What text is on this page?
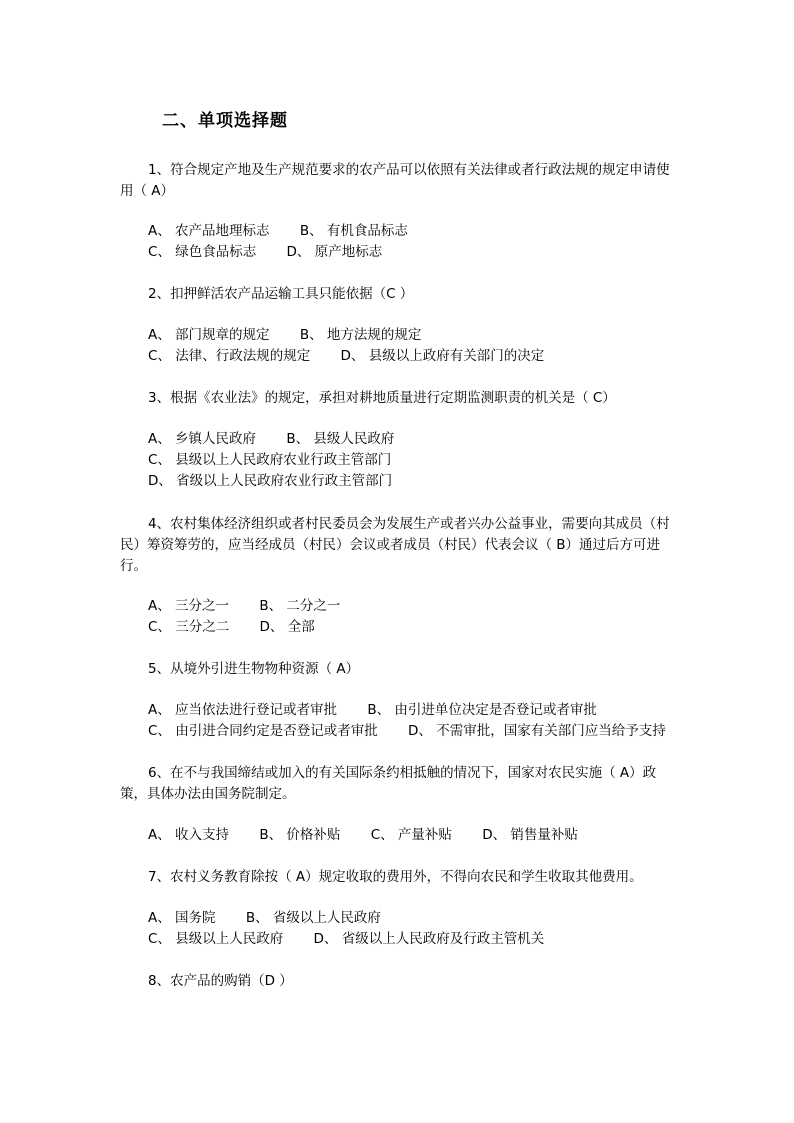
二、单项选择题
1、符合规定产地及生产规范要求的农产品可以依照有关法律或者行政法规的规定申请使用（ A）
A、 农产品地理标志 B、 有机食品标志
C、 绿色食品标志 D、 原产地标志
2、扣押鲜活农产品运输工具只能依据（C ）
A、 部门规章的规定 B、 地方法规的规定
C、 法律、行政法规的规定 D、 县级以上政府有关部门的决定
3、根据《农业法》的规定，承担对耕地质量进行定期监测职责的机关是（ C）
A、 乡镇人民政府 B、 县级人民政府
C、 县级以上人民政府农业行政主管部门
D、 省级以上人民政府农业行政主管部门
4、农村集体经济组织或者村民委员会为发展生产或者兴办公益事业，需要向其成员（村民）筹资筹劳的，应当经成员（村民）会议或者成员（村民）代表会议（ B）通过后方可进行。
A、 三分之一 B、 二分之一
C、 三分之二 D、 全部
5、从境外引进生物物种资源（ A）
A、 应当依法进行登记或者审批 B、 由引进单位决定是否登记或者审批
C、 由引进合同约定是否登记或者审批 D、 不需审批，国家有关部门应当给予支持
6、在不与我国缔结或加入的有关国际条约相抵触的情况下，国家对农民实施（ A）政策，具体办法由国务院制定。
A、 收入支持 B、 价格补贴 C、 产量补贴 D、 销售量补贴
7、农村义务教育除按（ A）规定收取的费用外，不得向农民和学生收取其他费用。
A、 国务院 B、 省级以上人民政府
C、 县级以上人民政府 D、 省级以上人民政府及行政主管机关
8、农产品的购销（D ）
